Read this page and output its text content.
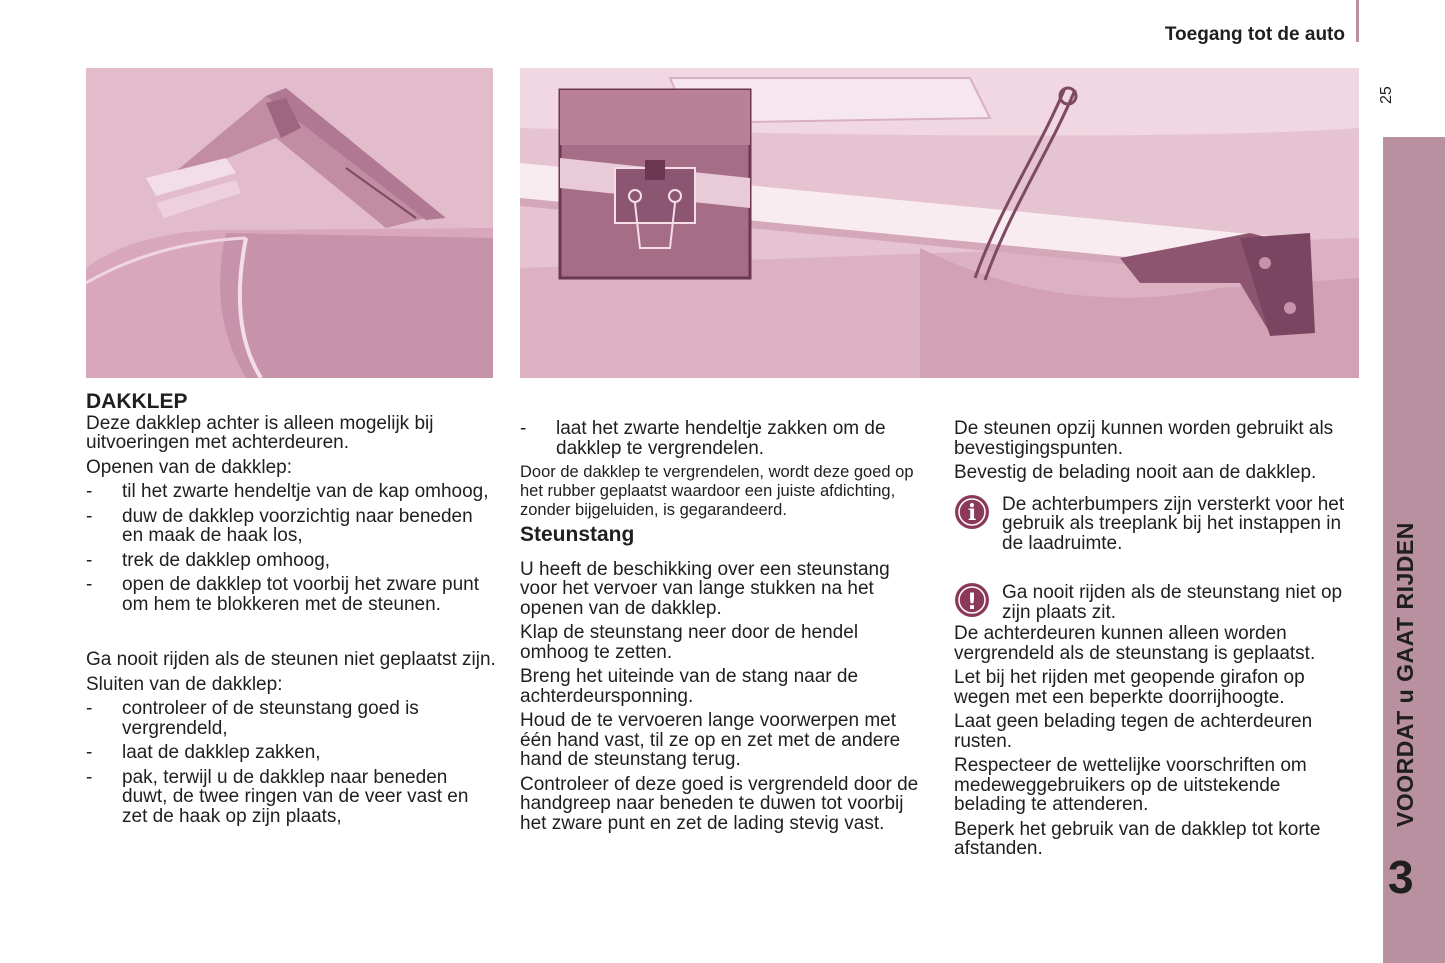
Toegang tot de auto
25
VOORDAT u GAAT RIJDEN
3
DAKKLEP

Deze dakklep achter is alleen mogelijk bij uitvoeringen met achterdeuren.

Openen van de dakklep:

- til het zwarte hendeltje van de kap omhoog,
- duw de dakklep voorzichtig naar beneden en maak de haak los,
- trek de dakklep omhoog,
- open de dakklep tot voorbij het zware punt om hem te blokkeren met de steunen.

Ga nooit rijden als de steunen niet geplaatst zijn.

Sluiten van de dakklep:

- controleer of de steunstang goed is vergrendeld,
- laat de dakklep zakken,
- pak, terwijl u de dakklep naar beneden duwt, de twee ringen van de veer vast en zet de haak op zijn plaats,
- laat het zwarte hendeltje zakken om de dakklep te vergrendelen.

Door de dakklep te vergrendelen, wordt deze goed op het rubber geplaatst waardoor een juiste afdichting, zonder bijgeluiden, is gegarandeerd.

Steunstang

U heeft de beschikking over een steunstang voor het vervoer van lange stukken na het openen van de dakklep.

Klap de steunstang neer door de hendel omhoog te zetten.

Breng het uiteinde van de stang naar de achterdeursponning.

Houd de te vervoeren lange voorwerpen met één hand vast, til ze op en zet met de andere hand de steunstang terug.

Controleer of deze goed is vergrendeld door de handgreep naar beneden te duwen tot voorbij het zware punt en zet de lading stevig vast.

De steunen opzij kunnen worden gebruikt als bevestigingspunten.

Bevestig de belading nooit aan de dakklep.

i De achterbumpers zijn versterkt voor het gebruik als treeplank bij het instappen in de laadruimte.
! Ga nooit rijden als de steunstang niet op zijn plaats zit.

De achterdeuren kunnen alleen worden vergrendeld als de steunstang is geplaatst.

Let bij het rijden met geopende girafon op wegen met een beperkte doorrijhoogte.

Laat geen belading tegen de achterdeuren rusten.

Respecteer de wettelijke voorschriften om medeweggebruikers op de uitstekende belading te attenderen.

Beperk het gebruik van de dakklep tot korte afstanden.
